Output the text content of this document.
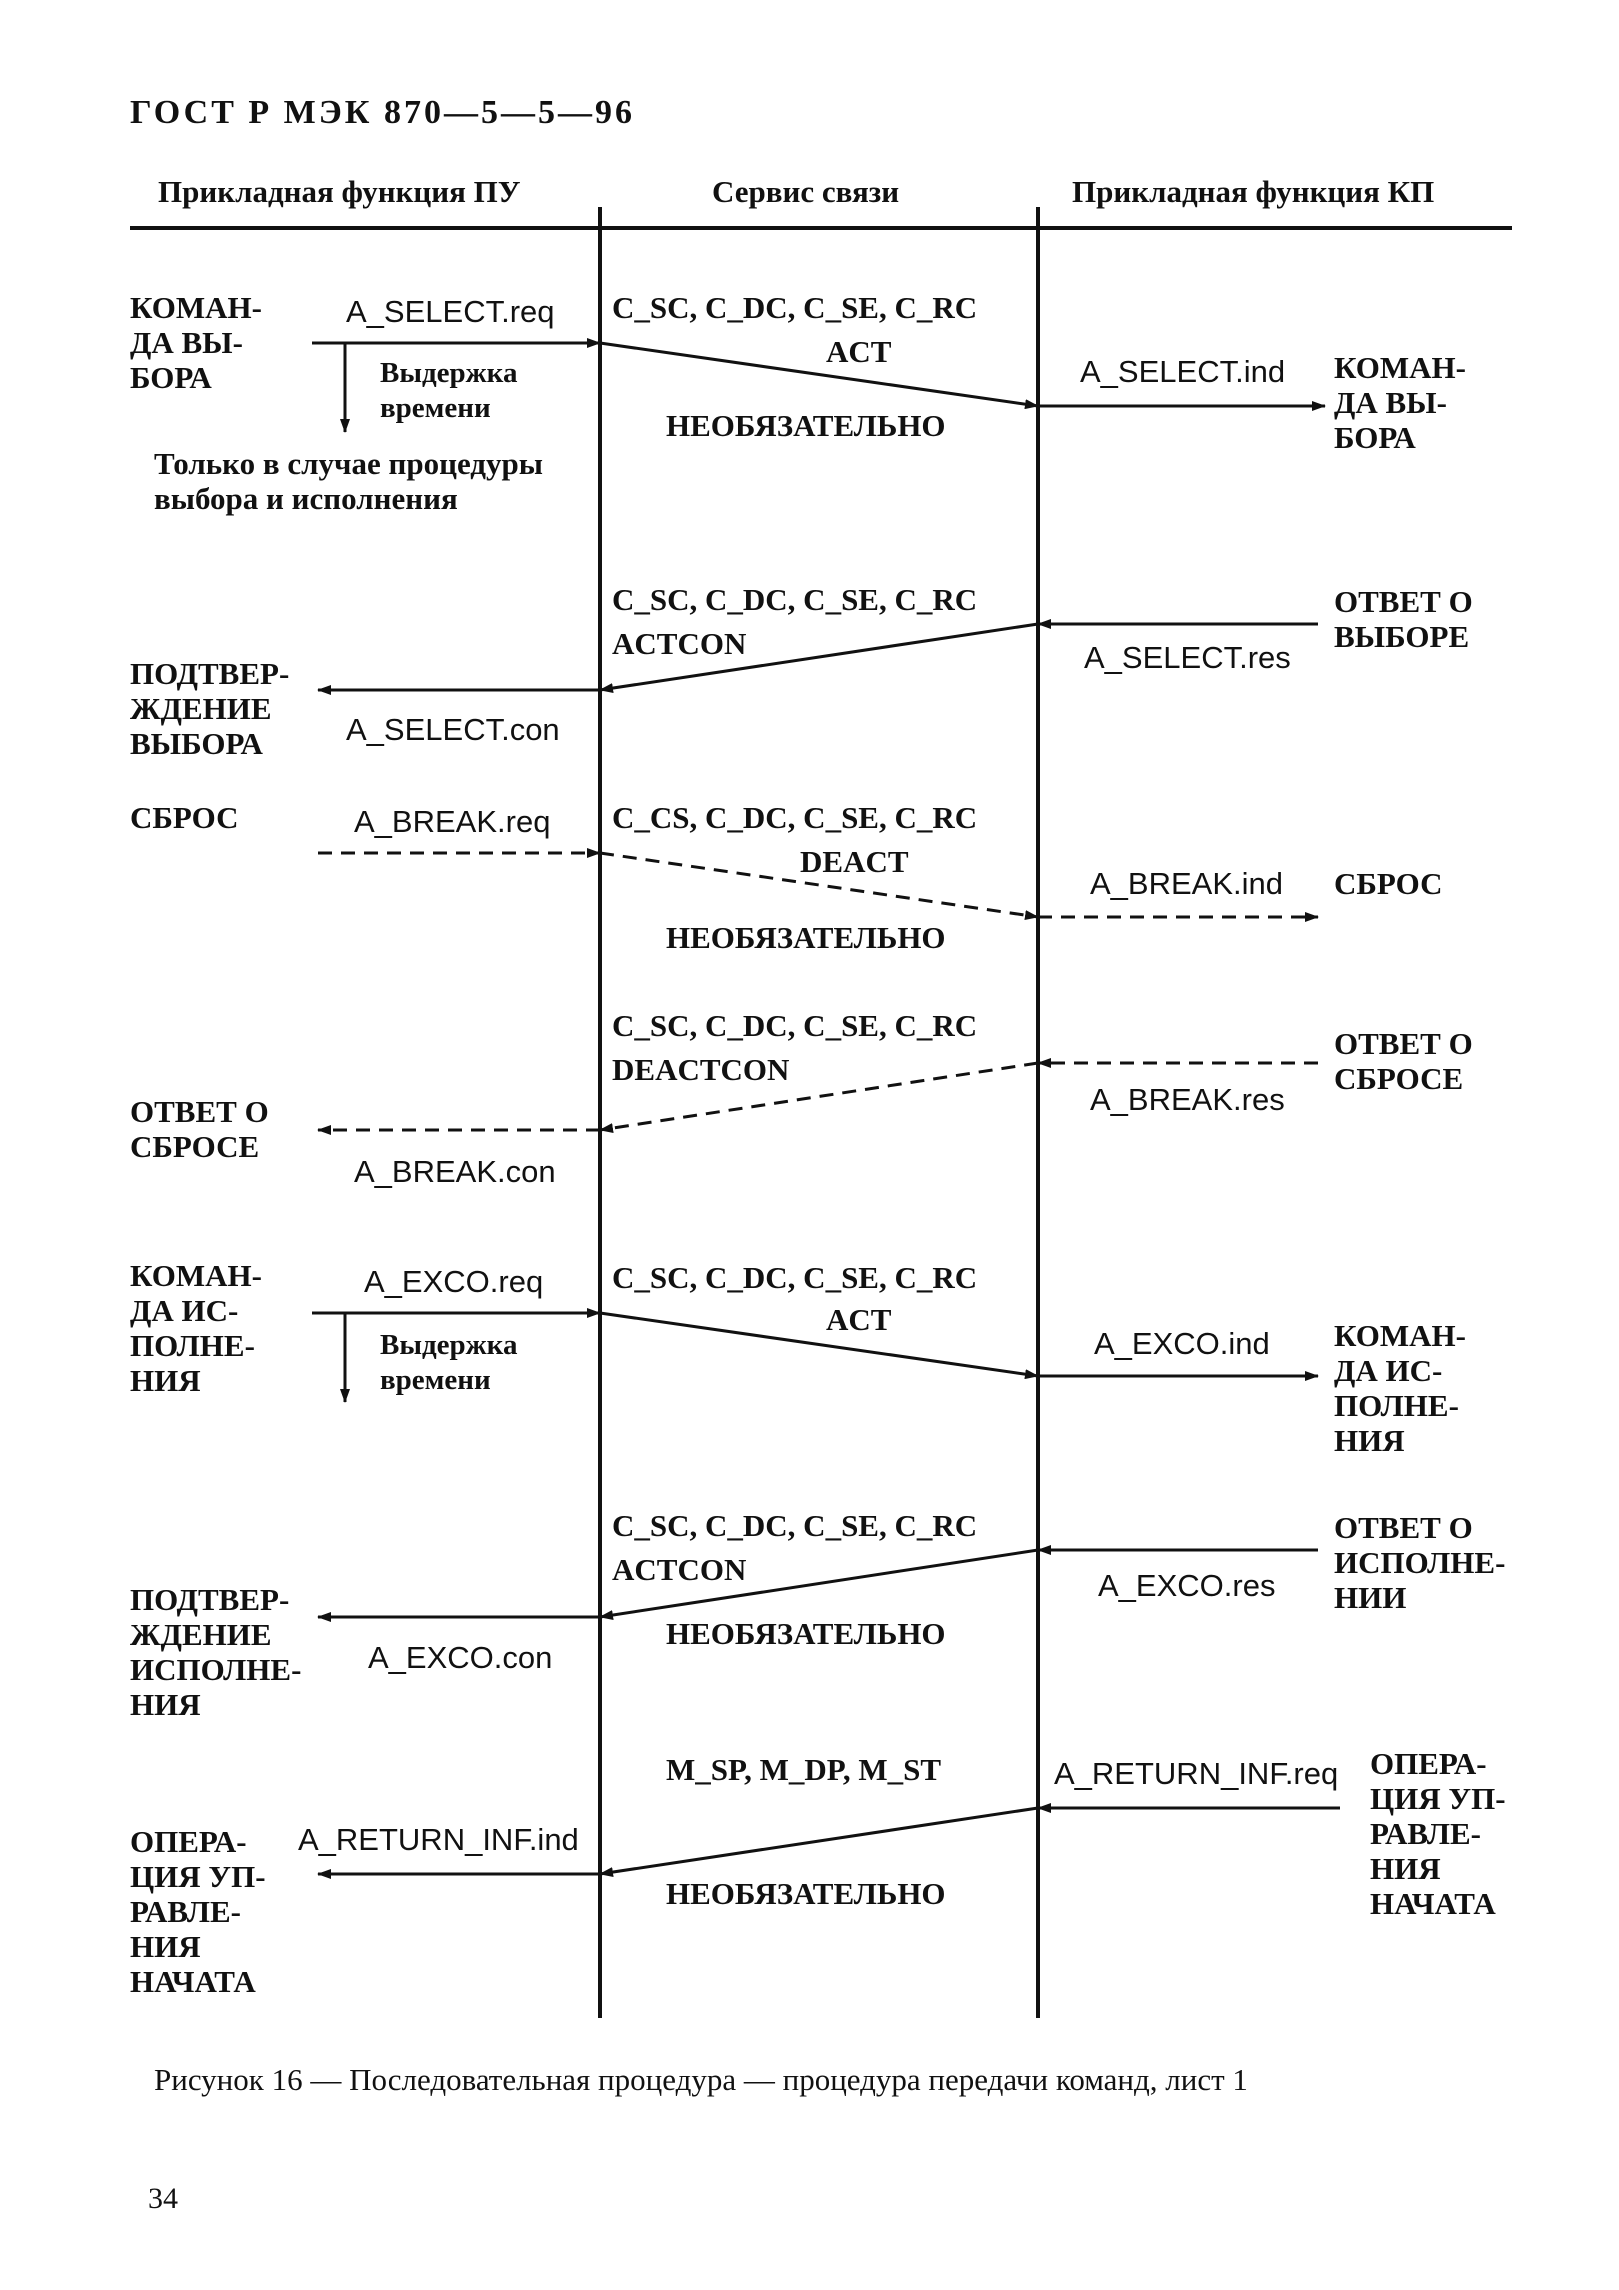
ГОСТ Р МЭК 870—5—5—96
Прикладная функция ПУ	Сервис связи	Прикладная функция КП
КОМАН-
ДА ВЫ-
БОРА
A_SELECT.req
Выдержка
времени
Только в случае процедуры
выбора и исполнения
C_SC, C_DC, C_SE, C_RC
ACT
НЕОБЯЗАТЕЛЬНО
A_SELECT.ind КОМАН-
ДА ВЫ-
БОРА
C_SC, C_DC, C_SE, C_RC
ACTCON	A_SELECT.res
ОТВЕТ О
ВЫБОРЕ
A_SELECT.con
ПОДТВЕР-
ЖДЕНИЕ
ВЫБОРА
СБРОС	A_BREAK.req C_CS, C_DC, C_SE, C_RC
DEACT
НЕОБЯЗАТЕЛЬНО
A_BREAK.ind СБРОС
C_SC, C_DC, C_SE, C_RC
DEACTCON
A_BREAK.res
ОТВЕТ О
СБРОСЕ
A_BREAK.con
ОТВЕТ О
СБРОСЕ
КОМАН-
ДА ИС-
ПОЛНЕ-
НИЯ
A_EXCO.req
Выдержка
времени
C_SC, C_DC, C_SE, C_RC
ACT
A_EXCO.ind КОМАН-
ДА ИС-
ПОЛНЕ-
НИЯ
C_SC, C_DC, C_SE, C_RC
ACTCON
НЕОБЯЗАТЕЛЬНО
A_EXCO.res
ОТВЕТ О
ИСПОЛНЕ-
НИИ
A_EXCO.con
ПОДТВЕР-
ЖДЕНИЕ
ИСПОЛНЕ-
НИЯ
M_SP, M_DP, M_ST
НЕОБЯЗАТЕЛЬНО
A_RETURN_INF.req ОПЕРА-
ЦИЯ УП-
РАВЛЕ-
НИЯ
НАЧАТА
A_RETURN_INF.ind
ОПЕРА-
ЦИЯ УП-
РАВЛЕ-
НИЯ
НАЧАТА
Рисунок 16 — Последовательная процедура — процедура передачи команд, лист 1
34
